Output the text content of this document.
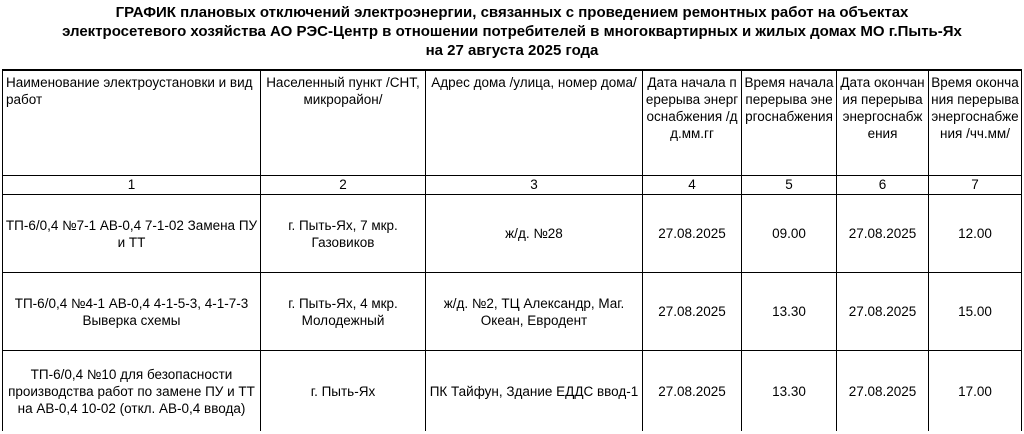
ГРАФИК плановых отключений электроэнергии, связанных с проведением ремонтных работ на объектах
электросетевого хозяйства АО РЭС-Центр в отношении потребителей в многоквартирных и жилых домах МО г.Пыть-Ях
на 27 августа 2025 года
Наименование электроустановки и вид работ	Населенный пункт /СНТ, микрорайон/	Адрес дома /улица, номер дома/	Дата начала перерыва энергоснабжения /дд.мм.гг	Время начала перерыва энергоснабжения	Дата окончания перерыва энергоснабжения	Время окончания перерыва энергоснабжения /чч.мм/
1	2	3	4	5	6	7
ТП-6/0,4 №7-1 АВ-0,4 7-1-02 Замена ПУ и ТТ	г. Пыть-Ях, 7 мкр. Газовиков	ж/д. №28	27.08.2025	09.00	27.08.2025	12.00
ТП-6/0,4 №4-1 АВ-0,4 4-1-5-3, 4-1-7-3 Выверка схемы	г. Пыть-Ях, 4 мкр. Молодежный	ж/д. №2, ТЦ Александр, Маг. Океан, Евродент	27.08.2025	13.30	27.08.2025	15.00
ТП-6/0,4 №10 для безопасности производства работ по замене ПУ и ТТ на АВ-0,4 10-02 (откл. АВ-0,4 ввода)	г. Пыть-Ях	ПК Тайфун, Здание ЕДДС ввод-1	27.08.2025	13.30	27.08.2025	17.00
